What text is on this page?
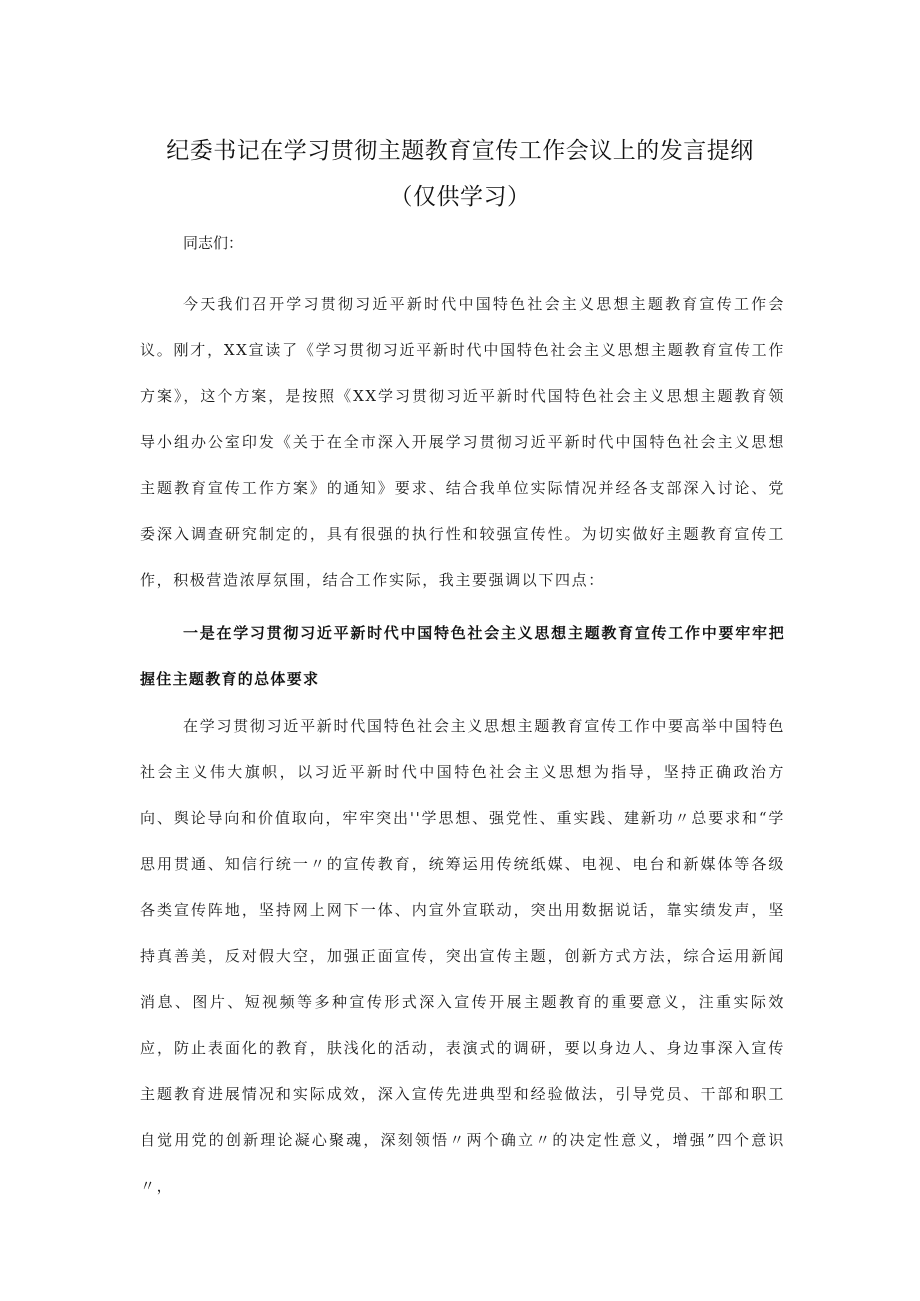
纪委书记在学习贯彻主题教育宣传工作会议上的发言提纲
（仅供学习）
同志们：

今天我们召开学习贯彻习近平新时代中国特色社会主义思想主题教育宣传工作会议。刚才，XX宣读了《学习贯彻习近平新时代中国特色社会主义思想主题教育宣传工作方案》，这个方案，是按照《XX学习贯彻习近平新时代国特色社会主义思想主题教育领导小组办公室印发《关于在全市深入开展学习贯彻习近平新时代中国特色社会主义思想主题教育宣传工作方案》的通知》要求、结合我单位实际情况并经各支部深入讨论、党委深入调查研究制定的，具有很强的执行性和较强宣传性。为切实做好主题教育宣传工作，积极营造浓厚氛围，结合工作实际，我主要强调以下四点：

一是在学习贯彻习近平新时代中国特色社会主义思想主题教育宣传工作中要牢牢把握住主题教育的总体要求

在学习贯彻习近平新时代国特色社会主义思想主题教育宣传工作中要高举中国特色社会主义伟大旗帜，以习近平新时代中国特色社会主义思想为指导，坚持正确政治方向、舆论导向和价值取向，牢牢突出''学思想、强党性、重实践、建新功〃总要求和“学思用贯通、知信行统一〃的宣传教育，统筹运用传统纸媒、电视、电台和新媒体等各级各类宣传阵地，坚持网上网下一体、内宣外宣联动，突出用数据说话，靠实绩发声，坚持真善美，反对假大空，加强正面宣传，突出宣传主题，创新方式方法，综合运用新闻消息、图片、短视频等多种宣传形式深入宣传开展主题教育的重要意义，注重实际效应，防止表面化的教育，肤浅化的活动，表演式的调研，要以身边人、身边事深入宣传主题教育进展情况和实际成效，深入宣传先进典型和经验做法，引导党员、干部和职工自觉用党的创新理论凝心聚魂，深刻领悟〃两个确立〃的决定性意义，增强”四个意识〃，
